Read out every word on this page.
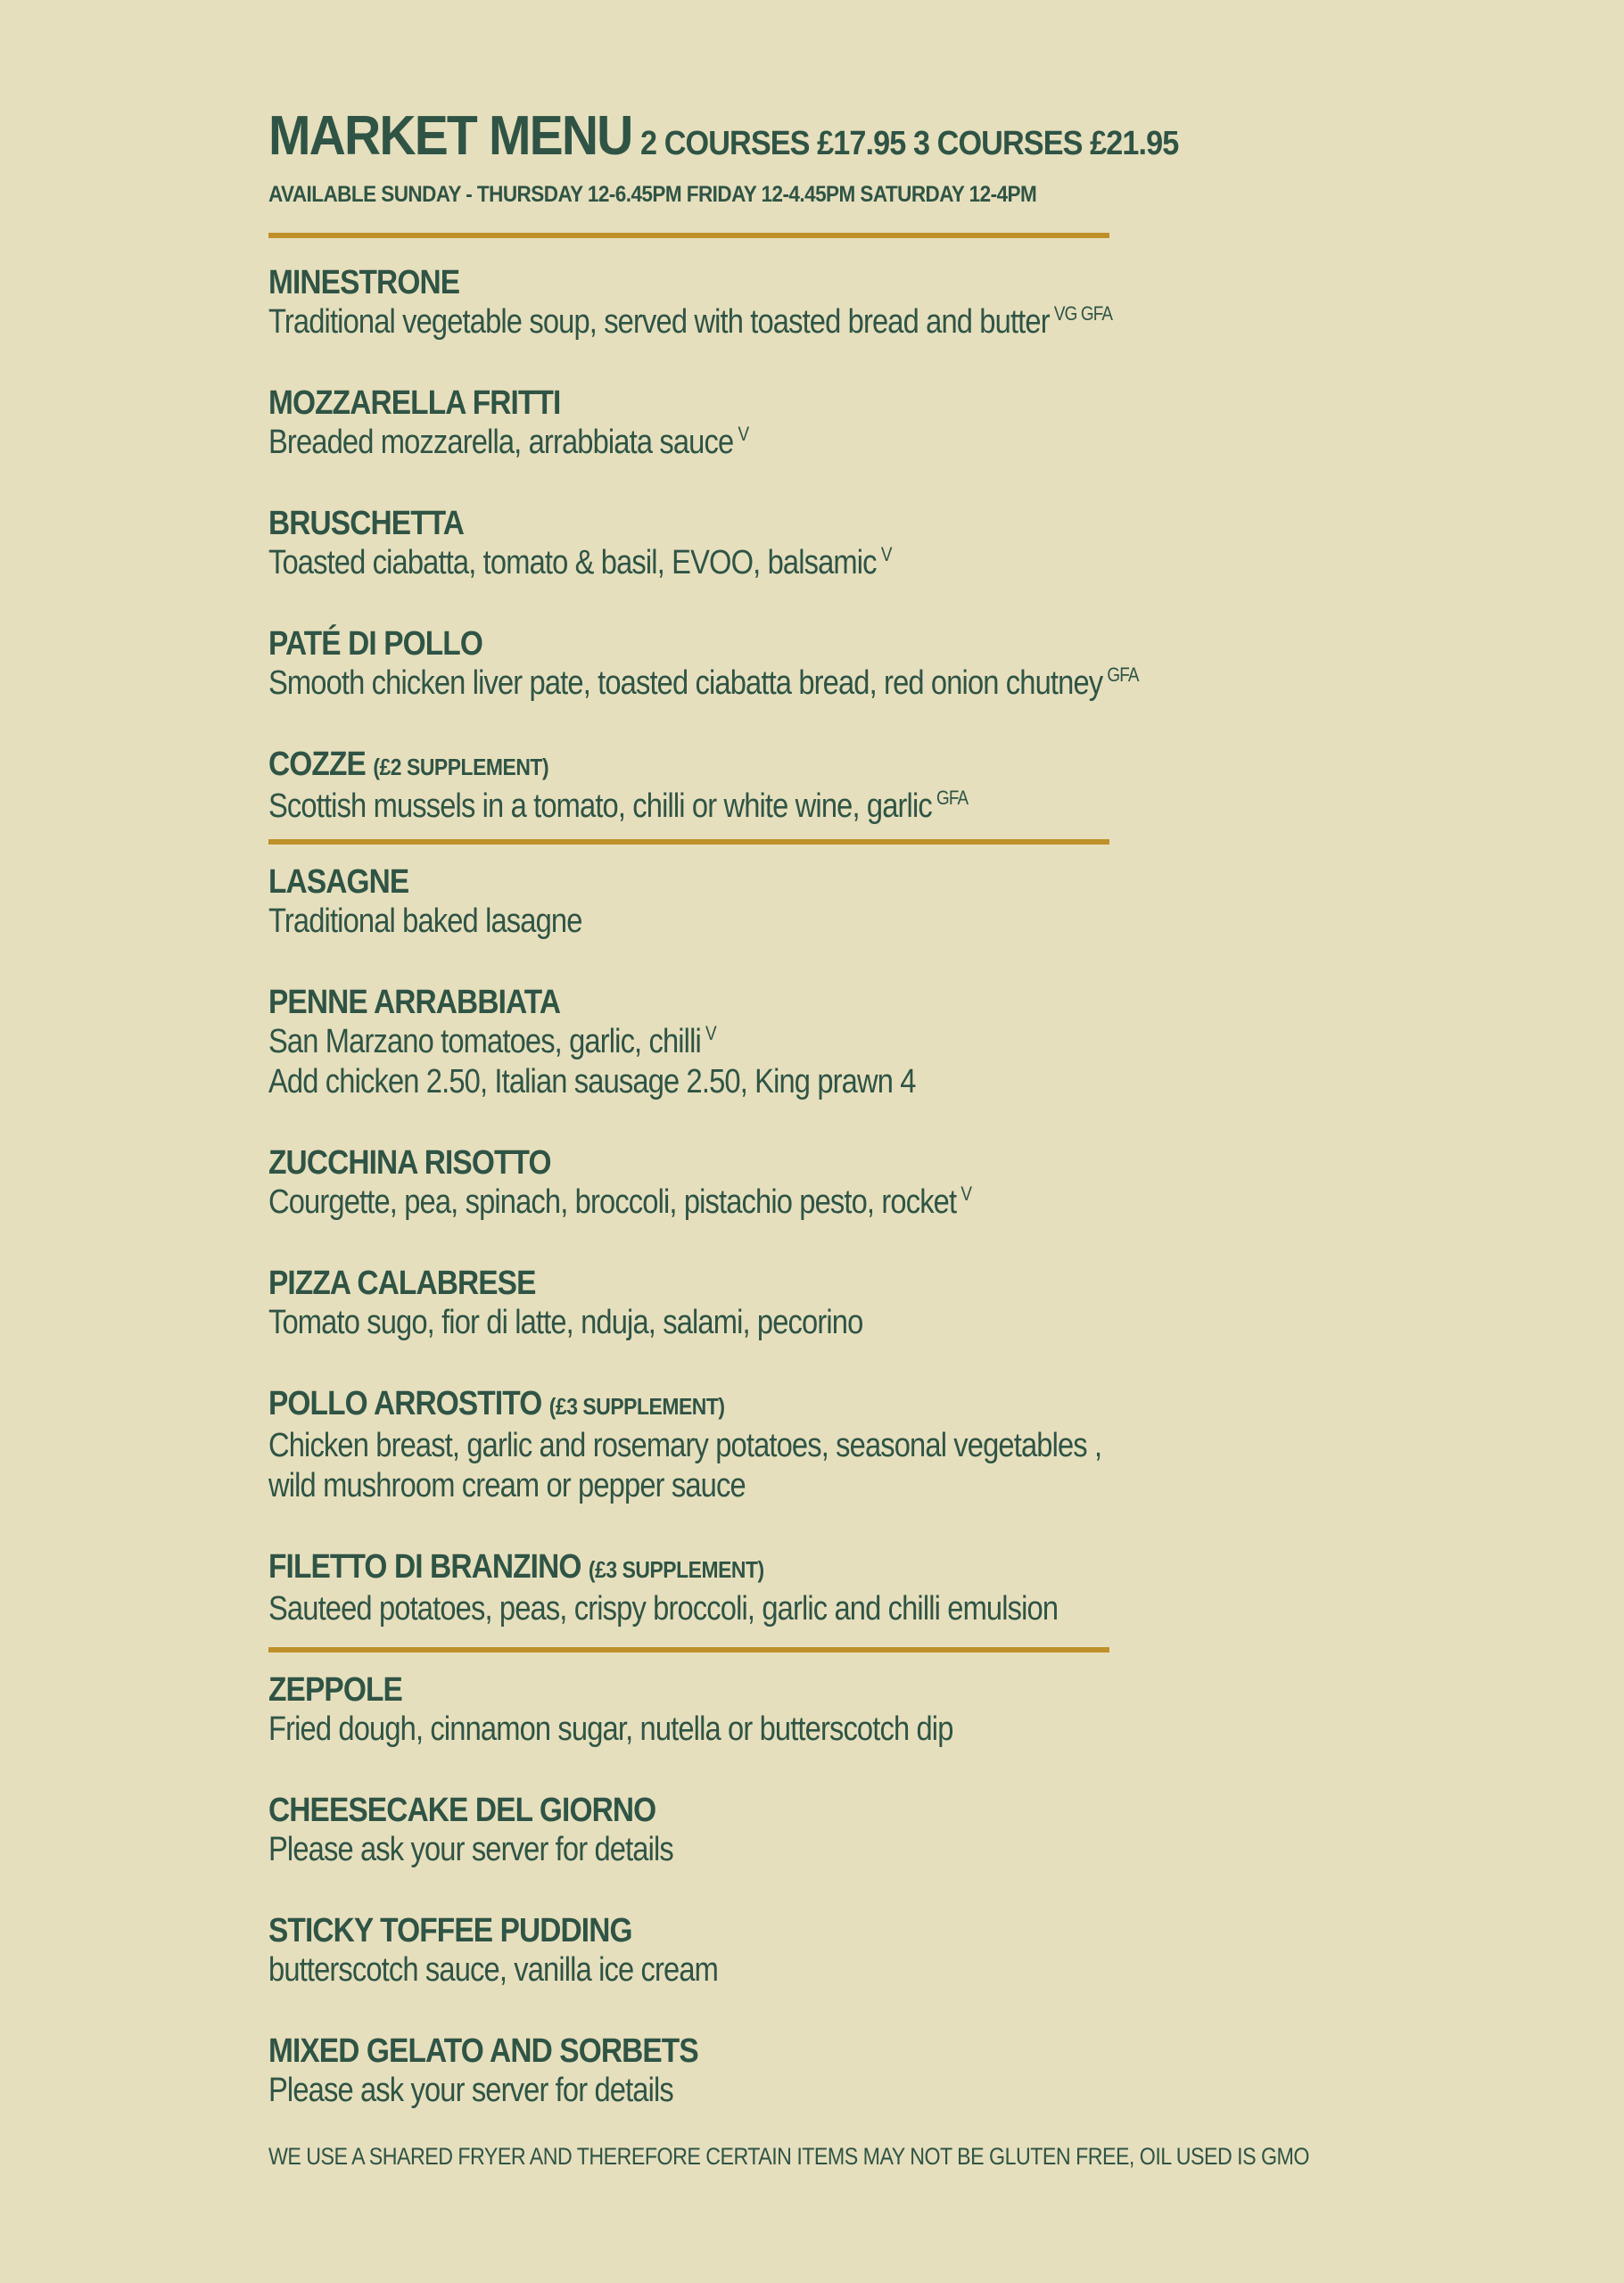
MARKET MENU 2 COURSES £17.95 3 COURSES £21.95
AVAILABLE SUNDAY - THURSDAY 12-6.45PM FRIDAY 12-4.45PM SATURDAY 12-4PM
MINESTRONE
Traditional vegetable soup, served with toasted bread and butter $^{VG GFA}$
MOZZARELLA FRITTI
Breaded mozzarella, arrabbiata sauce $^V$
BRUSCHETTA
Toasted ciabatta, tomato & basil, EVOO, balsamic $^V$
PATÉ DI POLLO
Smooth chicken liver pate, toasted ciabatta bread, red onion chutney $^{GFA}$
COZZE (£2 SUPPLEMENT)
Scottish mussels in a tomato, chilli or white wine, garlic $^{GFA}$
LASAGNE
Traditional baked lasagne
PENNE ARRABBIATA
San Marzano tomatoes, garlic, chilli $^V$
Add chicken 2.50, Italian sausage 2.50, King prawn 4
ZUCCHINA RISOTTO
Courgette, pea, spinach, broccoli, pistachio pesto, rocket $^V$
PIZZA CALABRESE
Tomato sugo, fior di latte, nduja, salami, pecorino
POLLO ARROSTITO (£3 SUPPLEMENT)
Chicken breast, garlic and rosemary potatoes, seasonal vegetables ,
wild mushroom cream or pepper sauce
FILETTO DI BRANZINO (£3 SUPPLEMENT)
Sauteed potatoes, peas, crispy broccoli, garlic and chilli emulsion
ZEPPOLE
Fried dough, cinnamon sugar, nutella or butterscotch dip
CHEESECAKE DEL GIORNO
Please ask your server for details
STICKY TOFFEE PUDDING
butterscotch sauce, vanilla ice cream
MIXED GELATO AND SORBETS
Please ask your server for details
WE USE A SHARED FRYER AND THEREFORE CERTAIN ITEMS MAY NOT BE GLUTEN FREE, OIL USED IS GMO
